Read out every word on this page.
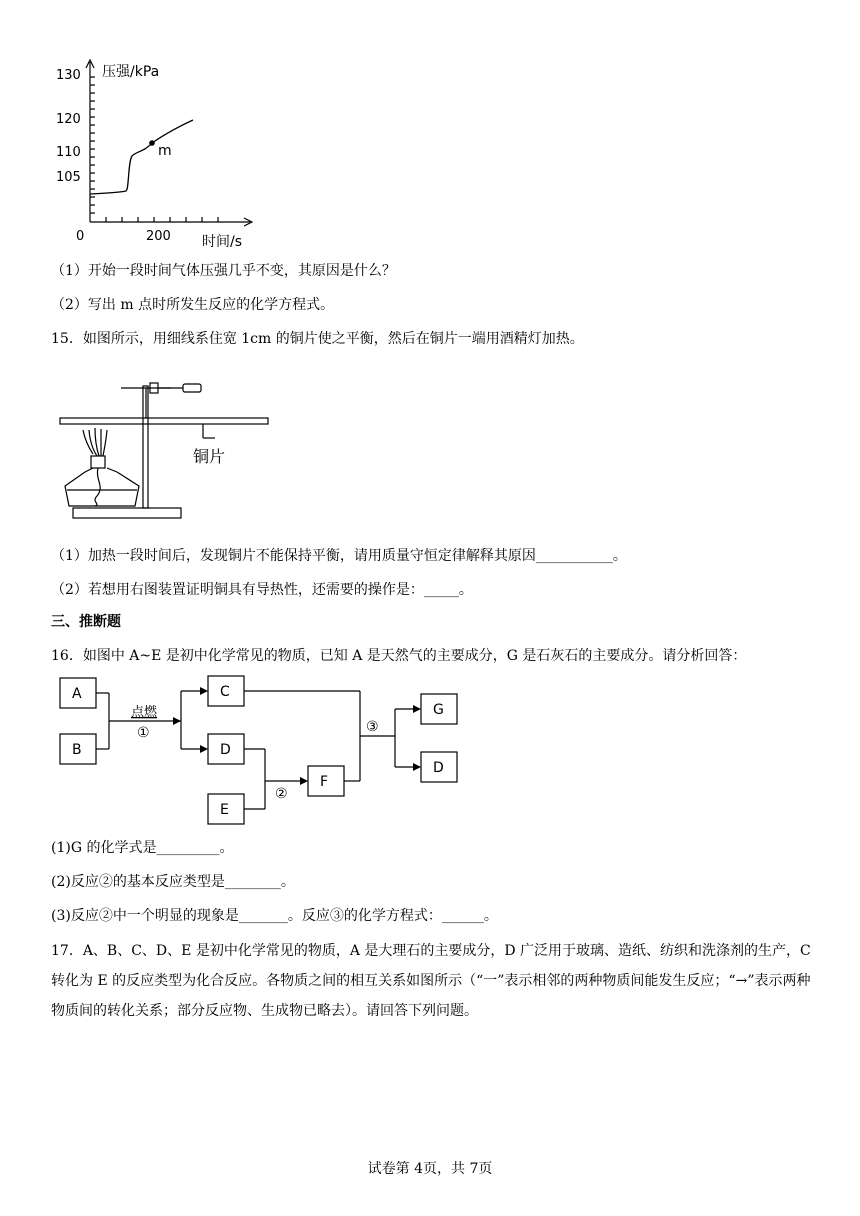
m
压强/kPa
130
120
110
105
0	200 时间/s
（1）开始一段时间气体压强几乎不变，其原因是什么？
（2）写出 m 点时所发生反应的化学方程式。
15．如图所示，用细线系住宽 1cm 的铜片使之平衡，然后在铜片一端用酒精灯加热。
铜片
（1）加热一段时间后，发现铜片不能保持平衡，请用质量守恒定律解释其原因___________。
（2）若想用右图装置证明铜具有导热性，还需要的操作是：_____。
三、推断题
16．如图中 A~E 是初中化学常见的物质，已知 A 是天然气的主要成分，G 是石灰石的主要成分。请分析回答：
A
B
C
D
E
F
G
D
点燃
①
②
③
(1)G 的化学式是_________。
(2)反应②的基本反应类型是________。
(3)反应②中一个明显的现象是_______。反应③的化学方程式：______。
17．A、B、C、D、E 是初中化学常见的物质，A 是大理石的主要成分，D 广泛用于玻璃、造纸、纺织和洗涤剂的生产，C 转化为 E 的反应类型为化合反应。各物质之间的相互关系如图所示（“一”表示相邻的两种物质间能发生反应；“→”表示两种物质间的转化关系；部分反应物、生成物已略去）。请回答下列问题。
试卷第 4页，共 7页
